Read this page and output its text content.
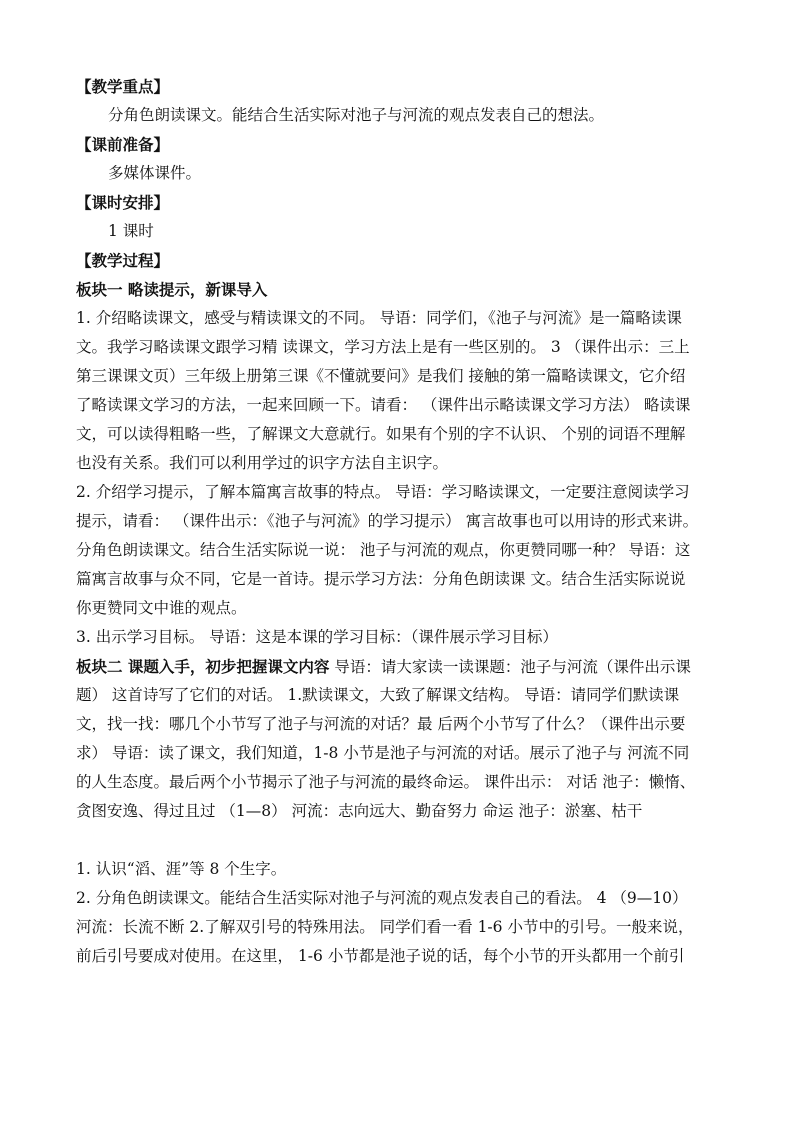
【教学重点】
分角色朗读课文。能结合生活实际对池子与河流的观点发表自己的想法。
【课前准备】
多媒体课件。
【课时安排】
1 课时
【教学过程】
板块一 略读提示，新课导入
1. 介绍略读课文，感受与精读课文的不同。 导语：同学们，《池子与河流》是一篇略读课
文。我学习略读课文跟学习精 读课文，学习方法上是有一些区别的。 3 （课件出示：三上
第三课课文页）三年级上册第三课《不懂就要问》是我们 接触的第一篇略读课文，它介绍
了略读课文学习的方法，一起来回顾一下。请看： （课件出示略读课文学习方法） 略读课
文，可以读得粗略一些，了解课文大意就行。如果有个别的字不认识、 个别的词语不理解
也没有关系。我们可以利用学过的识字方法自主识字。
2. 介绍学习提示，了解本篇寓言故事的特点。 导语：学习略读课文，一定要注意阅读学习
提示，请看： （课件出示：《池子与河流》的学习提示） 寓言故事也可以用诗的形式来讲。
分角色朗读课文。结合生活实际说一说： 池子与河流的观点，你更赞同哪一种？ 导语：这
篇寓言故事与众不同，它是一首诗。提示学习方法：分角色朗读课 文。结合生活实际说说
你更赞同文中谁的观点。
3. 出示学习目标。 导语：这是本课的学习目标：（课件展示学习目标）
板块二 课题入手，初步把握课文内容 导语：请大家读一读课题：池子与河流（课件出示课
题） 这首诗写了它们的对话。 1.默读课文，大致了解课文结构。 导语：请同学们默读课
文，找一找：哪几个小节写了池子与河流的对话？最 后两个小节写了什么？（课件出示要
求） 导语：读了课文，我们知道，1-8 小节是池子与河流的对话。展示了池子与 河流不同
的人生态度。最后两个小节揭示了池子与河流的最终命运。 课件出示： 对话 池子：懒惰、
贪图安逸、得过且过 （1—8） 河流：志向远大、勤奋努力 命运 池子：淤塞、枯干
1. 认识“滔、涯”等 8 个生字。
2. 分角色朗读课文。能结合生活实际对池子与河流的观点发表自己的看法。 4 （9—10）
河流：长流不断 2.了解双引号的特殊用法。 同学们看一看 1-6 小节中的引号。一般来说，
前后引号要成对使用。在这里， 1-6 小节都是池子说的话，每个小节的开头都用一个前引
